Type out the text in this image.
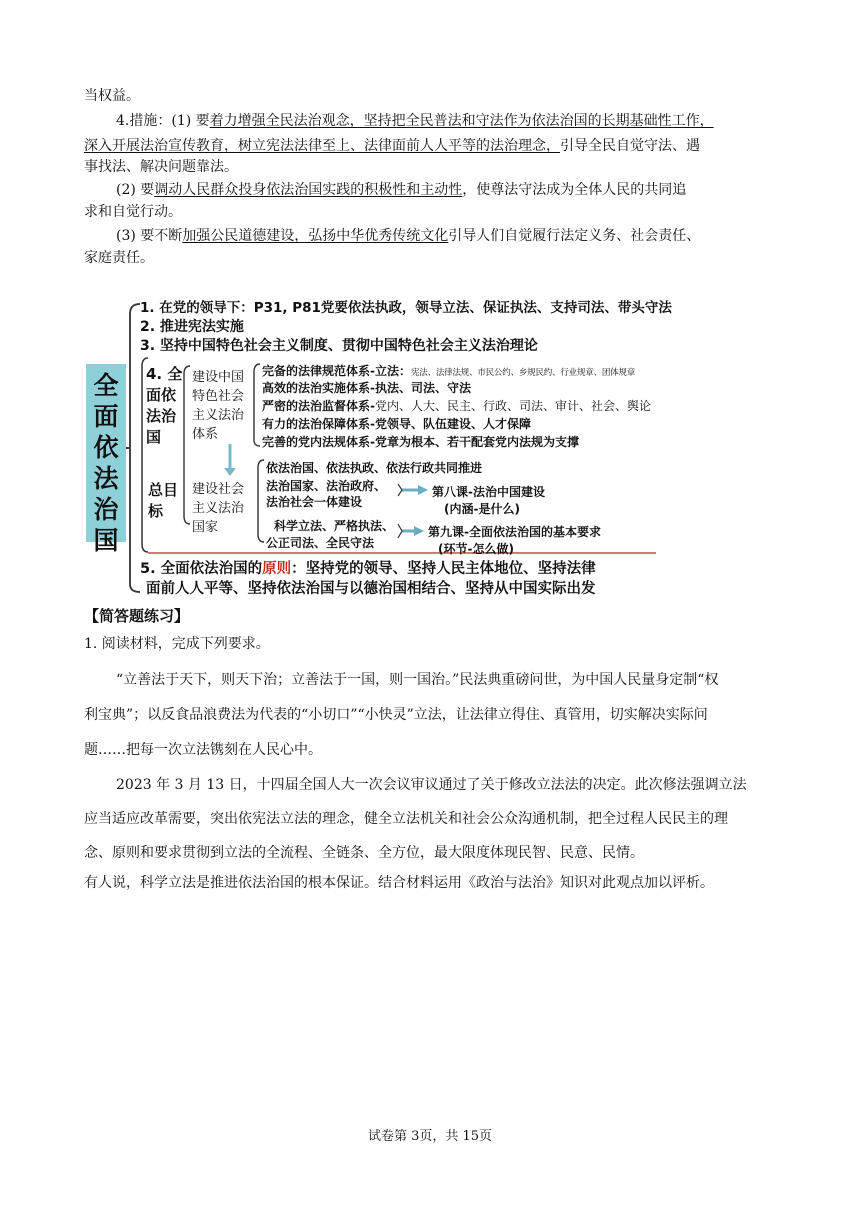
当权益。
4.措施：(1) 要着力增强全民法治观念，坚持把全民普法和守法作为依法治国的长期基础性工作，
深入开展法治宣传教育，树立宪法法律至上、法律面前人人平等的法治理念，引导全民自觉守法、遇
事找法、解决问题靠法。
(2) 要调动人民群众投身依法治国实践的积极性和主动性，使尊法守法成为全体人民的共同追
求和自觉行动。
(3) 要不断加强公民道德建设，弘扬中华优秀传统文化引导人们自觉履行法定义务、社会责任、
家庭责任。
全面依法治国
1. 在党的领导下：P31, P81党要依法执政，领导立法、保证执法、支持司法、带头守法
2. 推进宪法实施
3. 坚持中国特色社会主义制度、贯彻中国特色社会主义法治理论
4. 全面依法治国
总目标
建设中国特色社会主义法治体系
建设社会主义法治国家
完备的法律规范体系-立法：宪法、法律法规、市民公约、乡规民约、行业规章、团体规章
高效的法治实施体系-执法、司法、守法
严密的法治监督体系-党内、人大、民主、行政、司法、审计、社会、舆论
有力的法治保障体系-党领导、队伍建设、人才保障
完善的党内法规体系-党章为根本、若干配套党内法规为支撑
依法治国、依法执政、依法行政共同推进
法治国家、法治政府、
法治社会一体建设
科学立法、严格执法、
公正司法、全民守法
第八课-法治中国建设
(内涵-是什么)
第九课-全面依法治国的基本要求
(环节-怎么做)
5. 全面依法治国的原则：坚持党的领导、坚持人民主体地位、坚持法律
面前人人平等、坚持依法治国与以德治国相结合、坚持从中国实际出发
【简答题练习】
1. 阅读材料，完成下列要求。
“立善法于天下，则天下治；立善法于一国，则一国治。”民法典重磅问世，为中国人民量身定制“权
利宝典”；以反食品浪费法为代表的“小切口”“小快灵”立法，让法律立得住、真管用，切实解决实际问
题……把每一次立法镌刻在人民心中。
2023 年 3 月 13 日，十四届全国人大一次会议审议通过了关于修改立法法的决定。此次修法强调立法
应当适应改革需要，突出依宪法立法的理念，健全立法机关和社会公众沟通机制，把全过程人民民主的理
念、原则和要求贯彻到立法的全流程、全链条、全方位，最大限度体现民智、民意、民情。
有人说，科学立法是推进依法治国的根本保证。结合材料运用《政治与法治》知识对此观点加以评析。
试卷第 3页，共 15页
